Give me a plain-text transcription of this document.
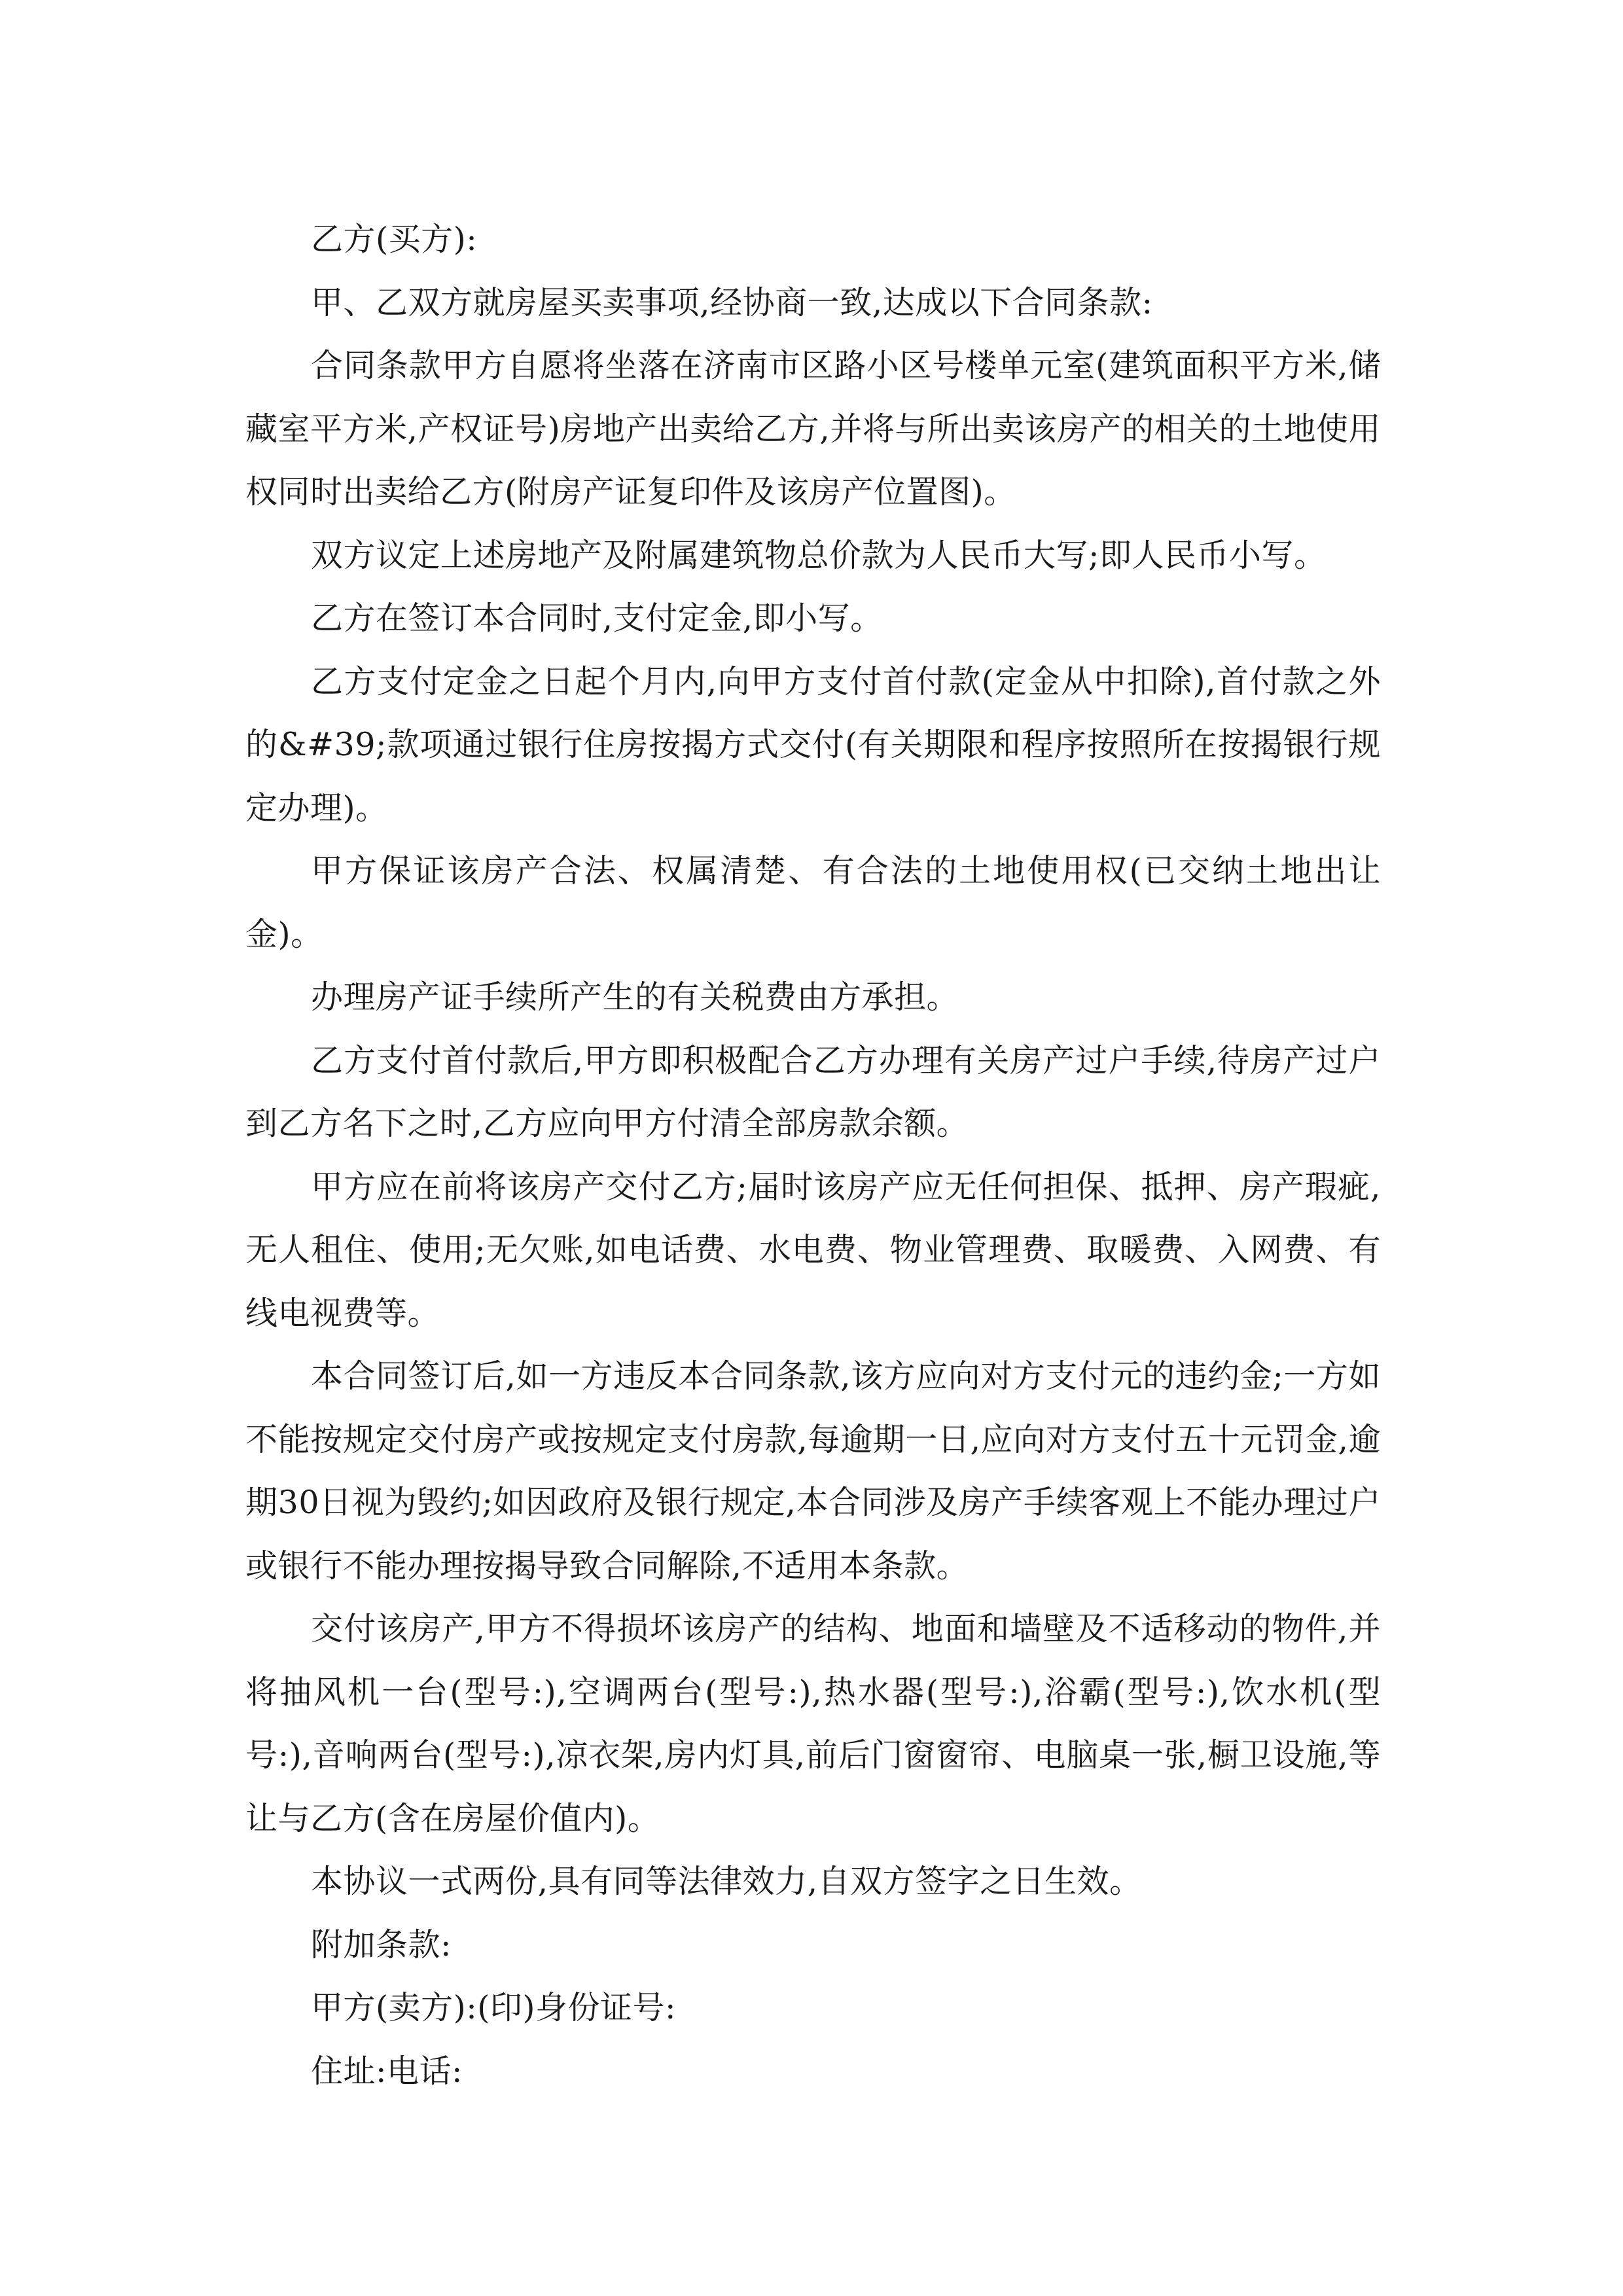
乙方(买方):

甲、乙双方就房屋买卖事项,经协商一致,达成以下合同条款:

合同条款甲方自愿将坐落在济南市区路小区号楼单元室(建筑面积平方米,储藏室平方米,产权证号)房地产出卖给乙方,并将与所出卖该房产的相关的土地使用权同时出卖给乙方(附房产证复印件及该房产位置图)。

双方议定上述房地产及附属建筑物总价款为人民币大写;即人民币小写。

乙方在签订本合同时,支付定金,即小写。

乙方支付定金之日起个月内,向甲方支付首付款(定金从中扣除),首付款之外的&#39;款项通过银行住房按揭方式交付(有关期限和程序按照所在按揭银行规定办理)。

甲方保证该房产合法、权属清楚、有合法的土地使用权(已交纳土地出让金)。

办理房产证手续所产生的有关税费由方承担。

乙方支付首付款后,甲方即积极配合乙方办理有关房产过户手续,待房产过户到乙方名下之时,乙方应向甲方付清全部房款余额。

甲方应在前将该房产交付乙方;届时该房产应无任何担保、抵押、房产瑕疵,无人租住、使用;无欠账,如电话费、水电费、物业管理费、取暖费、入网费、有线电视费等。

本合同签订后,如一方违反本合同条款,该方应向对方支付元的违约金;一方如不能按规定交付房产或按规定支付房款,每逾期一日,应向对方支付五十元罚金,逾期30日视为毁约;如因政府及银行规定,本合同涉及房产手续客观上不能办理过户或银行不能办理按揭导致合同解除,不适用本条款。

交付该房产,甲方不得损坏该房产的结构、地面和墙壁及不适移动的物件,并将抽风机一台(型号:),空调两台(型号:),热水器(型号:),浴霸(型号:),饮水机(型号:),音响两台(型号:),凉衣架,房内灯具,前后门窗窗帘、电脑桌一张,橱卫设施,等让与乙方(含在房屋价值内)。

本协议一式两份,具有同等法律效力,自双方签字之日生效。

附加条款:

甲方(卖方):(印)身份证号:

住址:电话:
